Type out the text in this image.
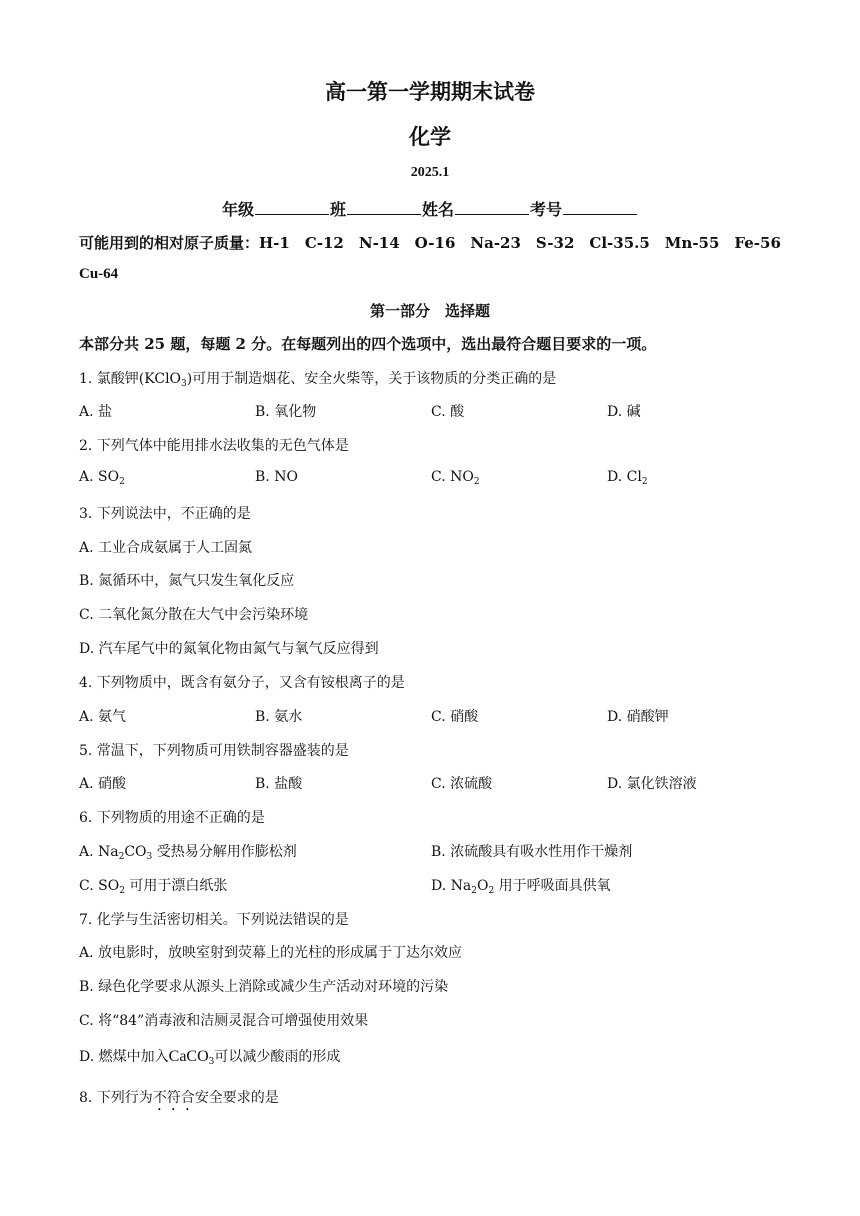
高一第一学期期末试卷
化学
2025.1
年级	班	姓名	考号
可能用到的相对原子质量：H-1　C-12　N-14　O-16　Na-23　S-32　Cl-35.5　Mn-55　Fe-56
Cu-64
第一部分　选择题
本部分共 25 题，每题 2 分。在每题列出的四个选项中，选出最符合题目要求的一项。
1. 氯酸钾(KClO$_3$)可用于制造烟花、安全火柴等，关于该物质的分类正确的是
A. 盐	B. 氧化物	C. 酸	D. 碱
2. 下列气体中能用排水法收集的无色气体是
A. $SO_2$	B. NO	C. $NO_2$	D. $Cl_2$
3. 下列说法中，不正确的是
A. 工业合成氨属于人工固氮
B. 氮循环中，氮气只发生氧化反应
C. 二氧化氮分散在大气中会污染环境
D. 汽车尾气中的氮氧化物由氮气与氧气反应得到
4. 下列物质中，既含有氨分子，又含有铵根离子的是
A. 氨气	B. 氨水	C. 硝酸	D. 硝酸钾
5. 常温下，下列物质可用铁制容器盛装的是
A. 硝酸	B. 盐酸	C. 浓硫酸	D. 氯化铁溶液
6. 下列物质的用途不正确的是
A. $Na_2CO_3$ 受热易分解用作膨松剂	B. 浓硫酸具有吸水性用作干燥剂
C. $SO_2$ 可用于漂白纸张	D. $Na_2O_2$ 用于呼吸面具供氧
7. 化学与生活密切相关。下列说法错误的是
A. 放电影时，放映室射到荧幕上的光柱的形成属于丁达尔效应
B. 绿色化学要求从源头上消除或减少生产活动对环境的污染
C. 将“84”消毒液和洁厕灵混合可增强使用效果
D. 燃煤中加入CaCO$_3$可以减少酸雨的形成
8. 下列行为不符合安全要求的是
